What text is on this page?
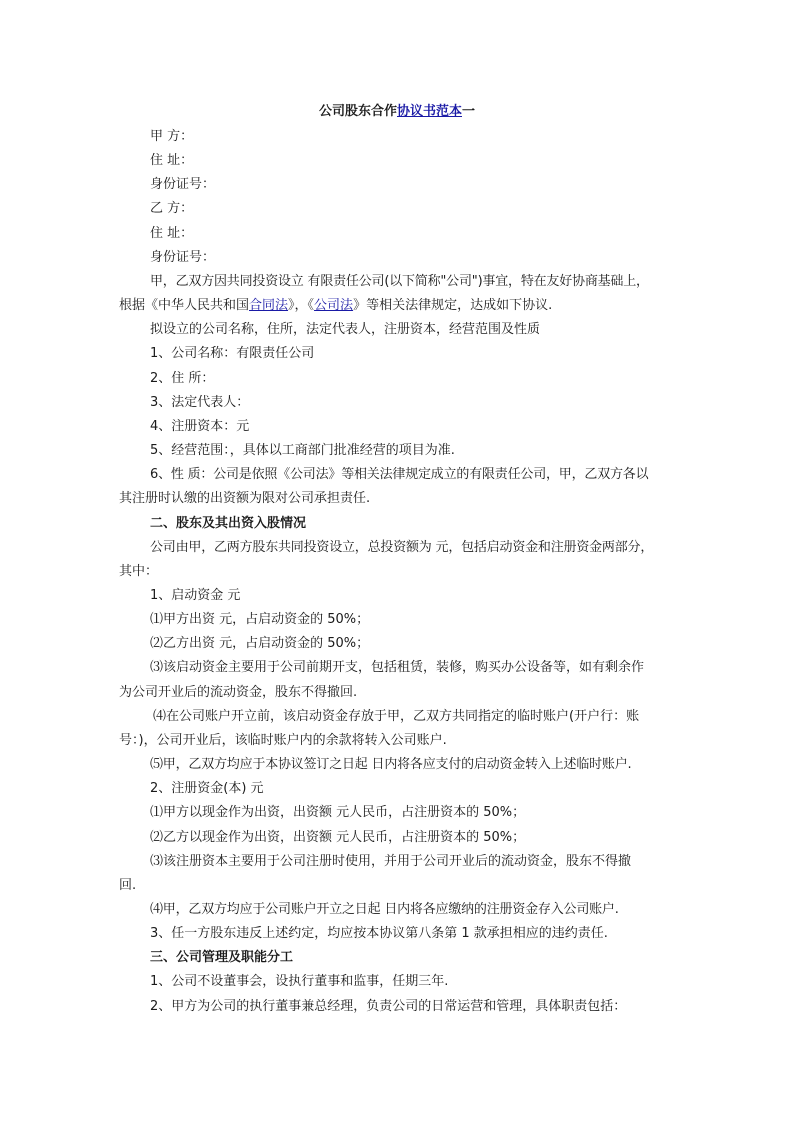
公司股东合作协议书范本一

甲 方：

住 址：

身份证号：

乙 方：

住 址：

身份证号：

甲，乙双方因共同投资设立 有限责任公司(以下简称"公司")事宜，特在友好协商基础上，

根据《中华人民共和国合同法》，《公司法》等相关法律规定，达成如下协议.

拟设立的公司名称，住所，法定代表人，注册资本，经营范围及性质

1、公司名称：有限责任公司

2、住 所：

3、法定代表人：

4、注册资本：元

5、经营范围：，具体以工商部门批准经营的项目为准.

6、性 质：公司是依照《公司法》等相关法律规定成立的有限责任公司，甲，乙双方各以

其注册时认缴的出资额为限对公司承担责任.

二、股东及其出资入股情况

公司由甲，乙两方股东共同投资设立，总投资额为 元，包括启动资金和注册资金两部分，

其中：

1、启动资金 元

⑴甲方出资 元，占启动资金的 50%；

⑵乙方出资 元，占启动资金的 50%；

⑶该启动资金主要用于公司前期开支，包括租赁，装修，购买办公设备等，如有剩余作

为公司开业后的流动资金，股东不得撤回.

⑷在公司账户开立前，该启动资金存放于甲，乙双方共同指定的临时账户(开户行：账

号：)，公司开业后，该临时账户内的余款将转入公司账户.

⑸甲，乙双方均应于本协议签订之日起 日内将各应支付的启动资金转入上述临时账户.

2、注册资金(本) 元

⑴甲方以现金作为出资，出资额 元人民币，占注册资本的 50%；

⑵乙方以现金作为出资，出资额 元人民币，占注册资本的 50%；

⑶该注册资本主要用于公司注册时使用，并用于公司开业后的流动资金，股东不得撤

回.

⑷甲，乙双方均应于公司账户开立之日起 日内将各应缴纳的注册资金存入公司账户.

3、任一方股东违反上述约定，均应按本协议第八条第 1 款承担相应的违约责任.

三、公司管理及职能分工

1、公司不设董事会，设执行董事和监事，任期三年.

2、甲方为公司的执行董事兼总经理，负责公司的日常运营和管理，具体职责包括：
